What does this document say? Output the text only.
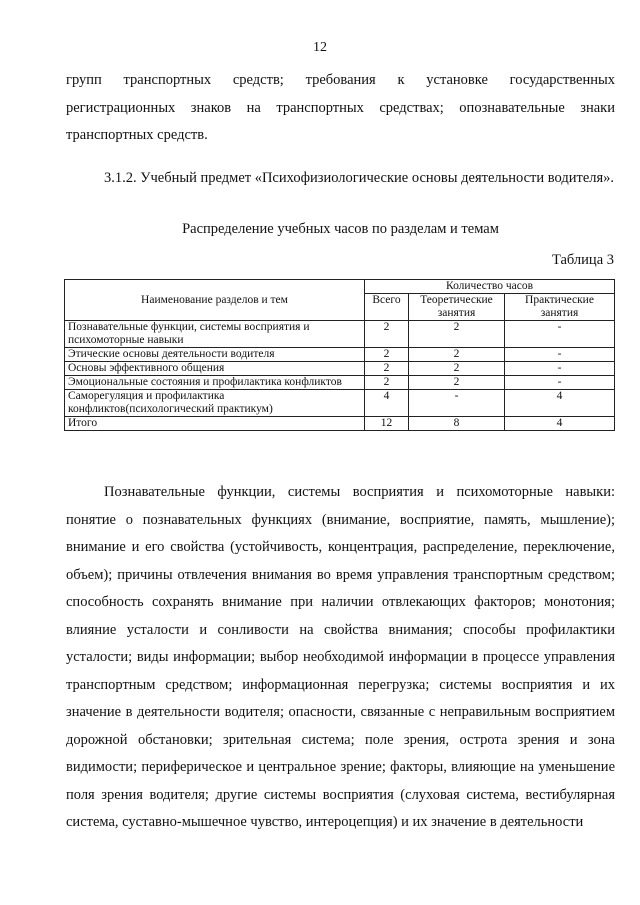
12

групп транспортных средств; требования к установке государственных регистрационных знаков на транспортных средствах; опознавательные знаки транспортных средств.

3.1.2. Учебный предмет «Психофизиологические основы деятельности водителя».

Распределение учебных часов по разделам и темам
Таблица 3
Наименование разделов и тем	Количество часов		
	Всего	Теоретические занятия	Практические занятия
Познавательные функции, системы восприятия и психомоторные навыки	2	2	-
Этические основы деятельности водителя	2	2	-
Основы эффективного общения	2	2	-
Эмоциональные состояния и профилактика конфликтов	2	2	-
Саморегуляция и профилактика конфликтов(психологический практикум)	4	-	4
Итого	12	8	4

Познавательные функции, системы восприятия и психомоторные навыки: понятие о познавательных функциях (внимание, восприятие, память, мышление); внимание и его свойства (устойчивость, концентрация, распределение, переключение, объем); причины отвлечения внимания во время управления транспортным средством; способность сохранять внимание при наличии отвлекающих факторов; монотония; влияние усталости и сонливости на свойства внимания; способы профилактики усталости; виды информации; выбор необходимой информации в процессе управления транспортным средством; информационная перегрузка; системы восприятия и их значение в деятельности водителя; опасности, связанные с неправильным восприятием дорожной обстановки; зрительная система; поле зрения, острота зрения и зона видимости; периферическое и центральное зрение; факторы, влияющие на уменьшение поля зрения водителя; другие системы восприятия (слуховая система, вестибулярная система, суставно-мышечное чувство, интероцепция) и их значение в деятельности
